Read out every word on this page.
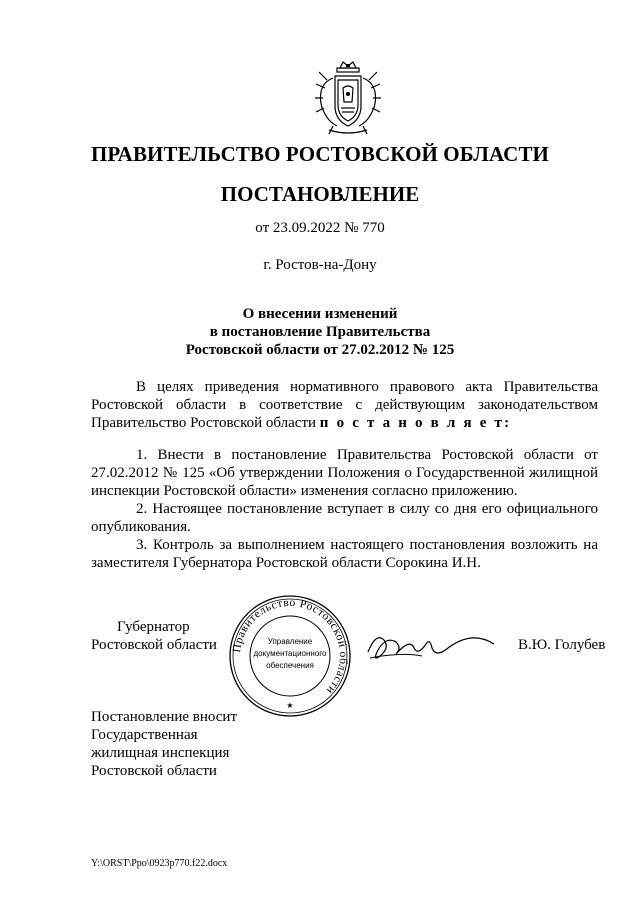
ПРАВИТЕЛЬСТВО РОСТОВСКОЙ ОБЛАСТИ
ПОСТАНОВЛЕНИЕ
от 23.09.2022 № 770
г. Ростов-на-Дону
О внесении изменений
в постановление Правительства
Ростовской области от 27.02.2012 № 125
В целях приведения нормативного правового акта Правительства Ростовской области в соответствие с действующим законодательством Правительство Ростовской области п о с т а н о в л я е т:

1. Внести в постановление Правительства Ростовской области от 27.02.2012 № 125 «Об утверждении Положения о Государственной жилищной инспекции Ростовской области» изменения согласно приложению.

2. Настоящее постановление вступает в силу со дня его официального опубликования.

3. Контроль за выполнением настоящего постановления возложить на заместителя Губернатора Ростовской области Сорокина И.Н.

Губернатор
Ростовской области	Правительство Ростовской области
Управление
документационного
обеспечения
★
В.Ю. Голубев
Постановление вносит
Государственная
жилищная инспекция
Ростовской области
Y:\ORST\Ppo\0923p770.f22.docx
